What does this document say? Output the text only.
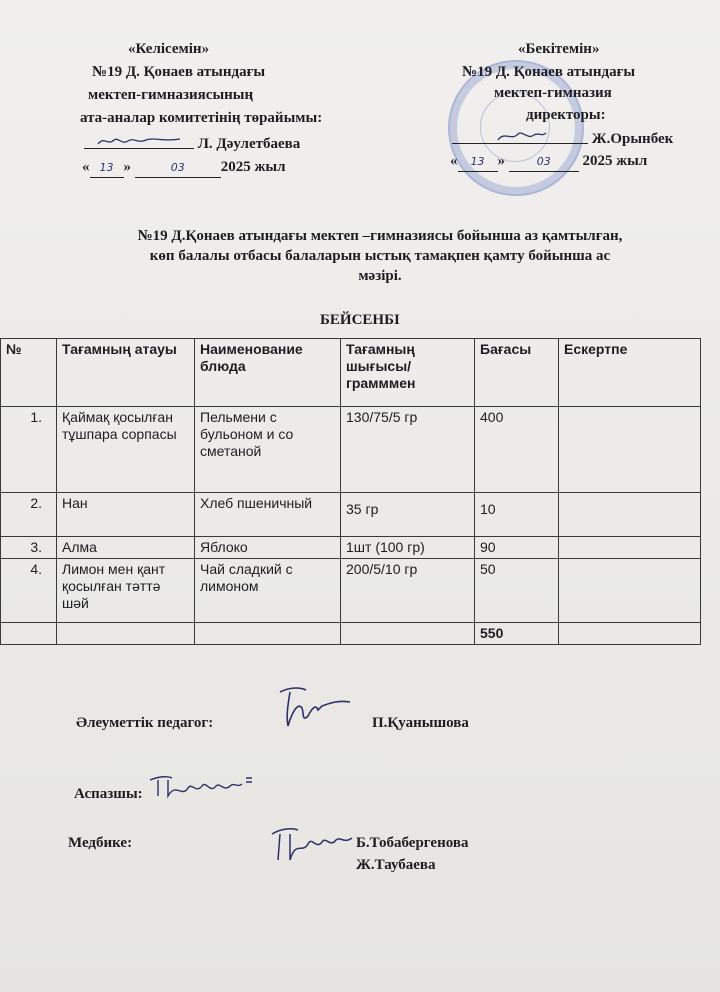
«Келісемін»
№19 Д. Қонаев атындағы
мектеп-гимназиясының
ата-аналар комитетінің төрайымы:
Л. Дәулетбаева
« 13 »	03 2025 жыл
«Бекітемін»
№19 Д. Қонаев атындағы
мектеп-гимназия
директоры:
Ж.Орынбек
« 13 »	03 2025 жыл
№19 Д.Қонаев атындағы мектеп –гимназиясы бойынша аз қамтылған,
көп балалы отбасы балаларын ыстық тамақпен қамту бойынша ас
мәзірі.
БЕЙСЕНБІ
№	Тағамның атауы	Наименование блюда	Тағамның шығысы/грамммен	Бағасы	Ескертпе
1.	Қаймақ қосылған тұшпара сорпасы	Пельмени с бульоном и со сметаной	130/75/5 гр	400	
2.	Нан	Хлеб пшеничный	35 гр	10	
3.	Алма	Яблоко	1шт (100 гр)	90	
4.	Лимон мен қант қосылған тәттә шәй	Чай сладкий с лимоном	200/5/10 гр	50	
				550	
Әлеуметтік педагог:	П.Қуанышова
Аспазшы:
Медбике:	Б.Тобабергенова
Ж.Таубаева
